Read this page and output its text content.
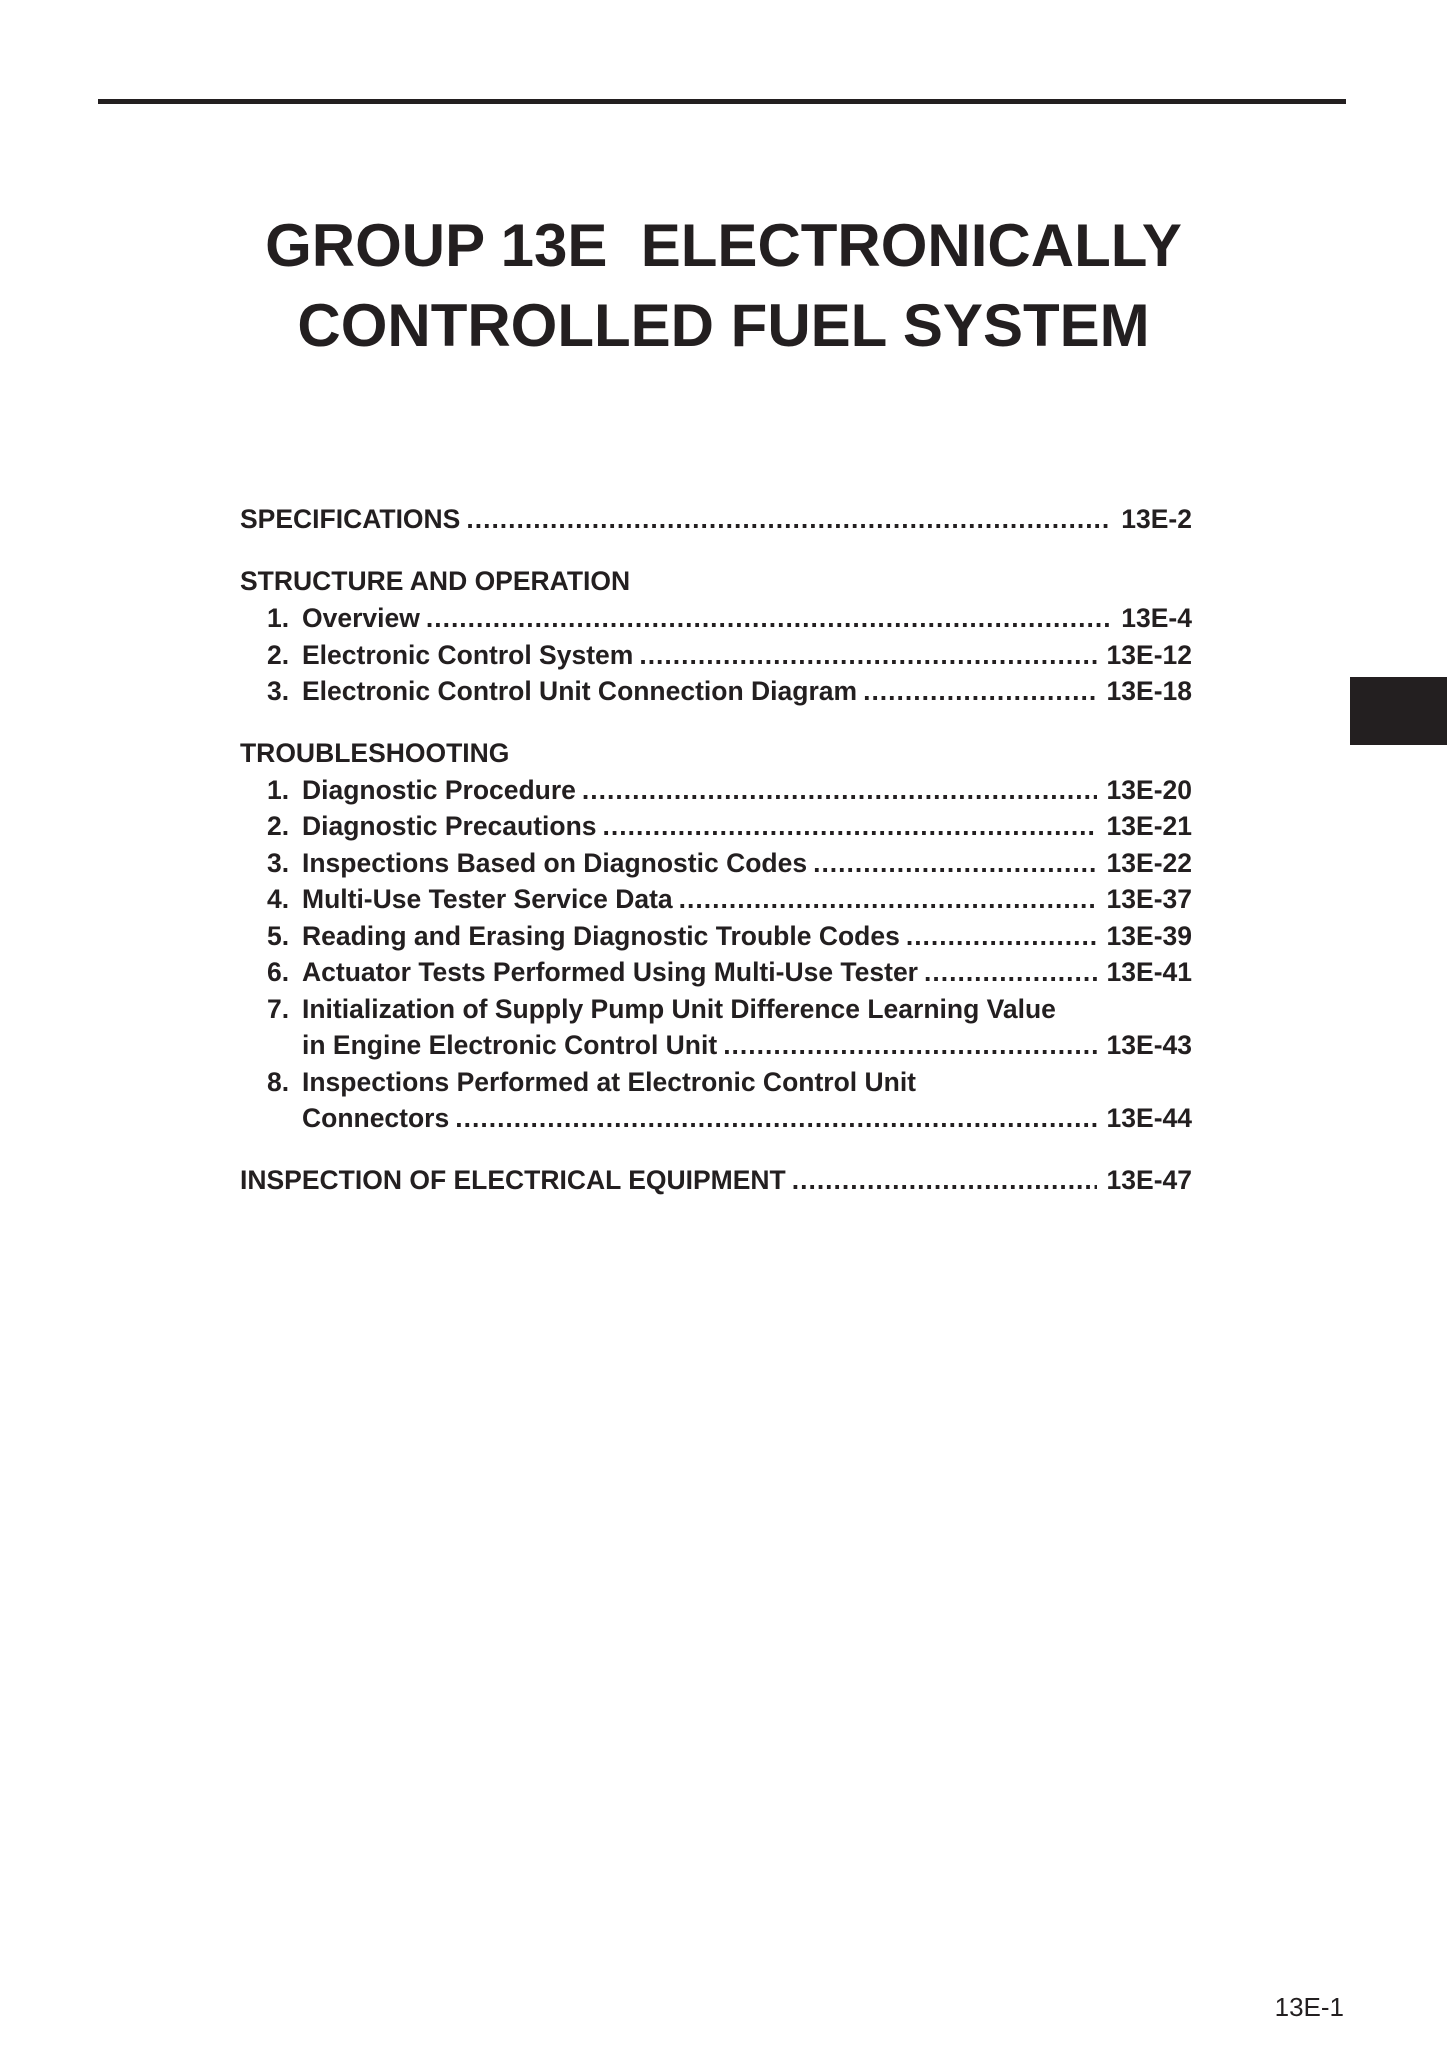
GROUP 13E  ELECTRONICALLY
CONTROLLED FUEL SYSTEM
SPECIFICATIONS .....	13E-2
STRUCTURE AND OPERATION
1. Overview .....	13E-4
2. Electronic Control System .....	13E-12
3. Electronic Control Unit Connection Diagram .....	13E-18
TROUBLESHOOTING
1. Diagnostic Procedure .....	13E-20
2. Diagnostic Precautions .....	13E-21
3. Inspections Based on Diagnostic Codes .....	13E-22
4. Multi-Use Tester Service Data .....	13E-37
5. Reading and Erasing Diagnostic Trouble Codes .....	13E-39
6. Actuator Tests Performed Using Multi-Use Tester .....	13E-41
7. Initialization of Supply Pump Unit Difference Learning Value
in Engine Electronic Control Unit .....	13E-43
8. Inspections Performed at Electronic Control Unit
Connectors .....	13E-44
INSPECTION OF ELECTRICAL EQUIPMENT .....	13E-47
13E-1
